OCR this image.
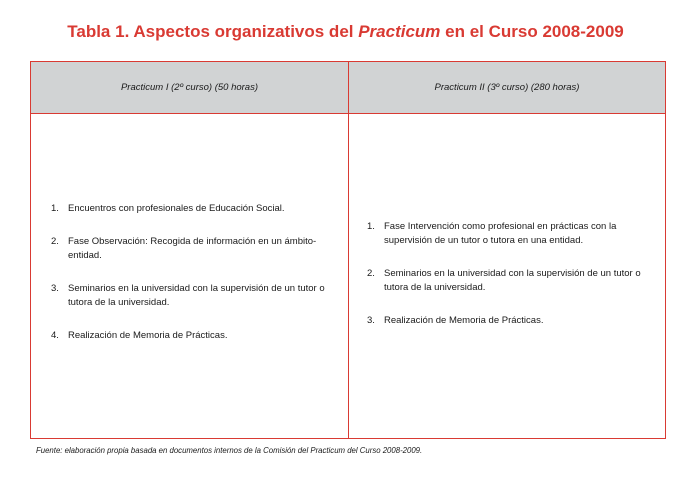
Tabla 1. Aspectos organizativos del Practicum en el Curso 2008-2009
Practicum I (2º curso) (50 horas)	Practicum II (3º curso) (280 horas)
1. Encuentros con profesionales de Educación Social.
2. Fase Observación: Recogida de información en un ámbito-entidad.
3. Seminarios en la universidad con la supervisión de un tutor o tutora de la universidad.
4. Realización de Memoria de Prácticas.
1. Fase Intervención como profesional en prácticas con la supervisión de un tutor o tutora en una entidad.
2. Seminarios en la universidad con la supervisión de un tutor o tutora de la universidad.
3. Realización de Memoria de Prácticas.
Fuente: elaboración propia basada en documentos internos de la Comisión del Practicum del Curso 2008-2009.
